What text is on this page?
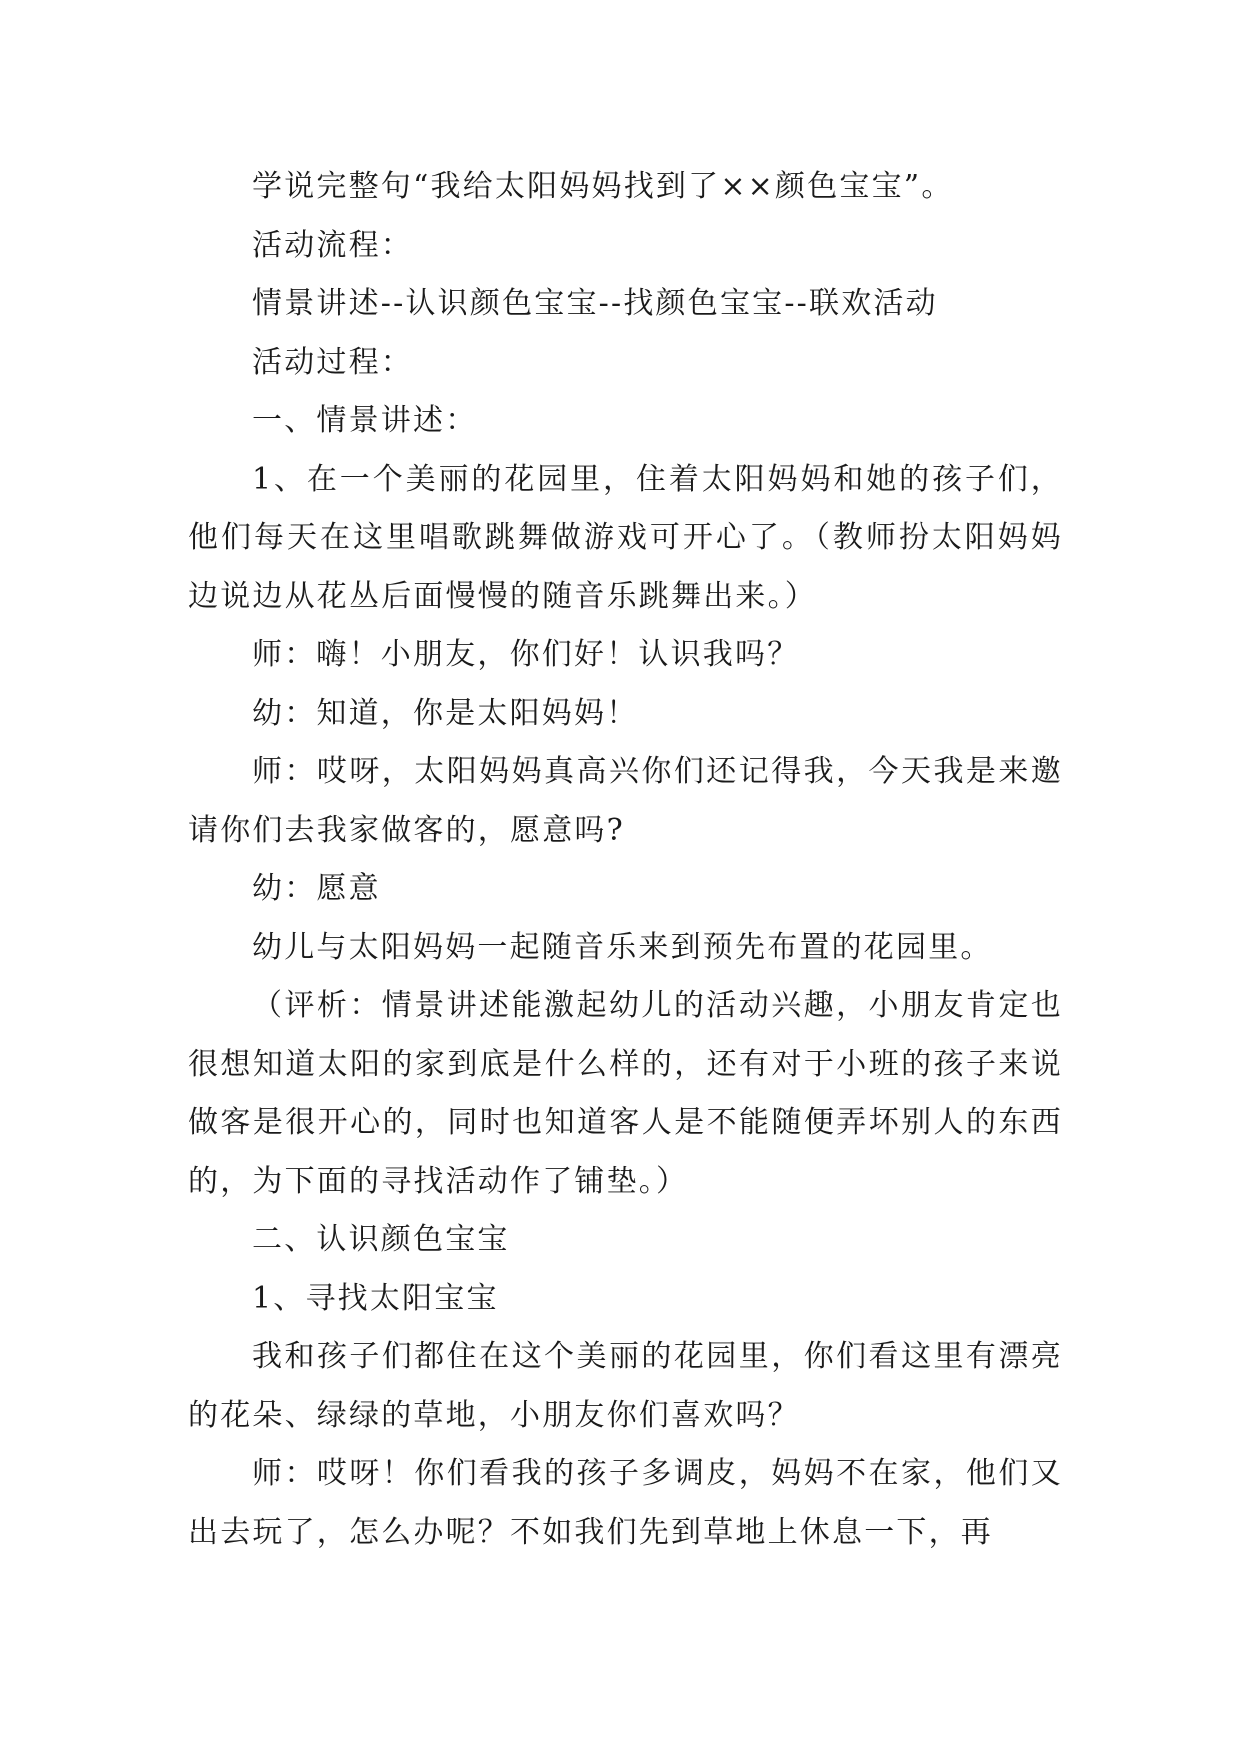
学说完整句“我给太阳妈妈找到了××颜色宝宝”。

活动流程：

情景讲述--认识颜色宝宝--找颜色宝宝--联欢活动

活动过程：

一、情景讲述：

1、在一个美丽的花园里，住着太阳妈妈和她的孩子们，他们每天在这里唱歌跳舞做游戏可开心了。（教师扮太阳妈妈边说边从花丛后面慢慢的随音乐跳舞出来。）

师：嗨！小朋友，你们好！认识我吗？

幼：知道，你是太阳妈妈！

师：哎呀，太阳妈妈真高兴你们还记得我，今天我是来邀请你们去我家做客的，愿意吗?

幼：愿意

幼儿与太阳妈妈一起随音乐来到预先布置的花园里。

（评析：情景讲述能激起幼儿的活动兴趣，小朋友肯定也很想知道太阳的家到底是什么样的，还有对于小班的孩子来说做客是很开心的，同时也知道客人是不能随便弄坏别人的东西的，为下面的寻找活动作了铺垫。）

二、认识颜色宝宝

1、寻找太阳宝宝

我和孩子们都住在这个美丽的花园里，你们看这里有漂亮的花朵、绿绿的草地，小朋友你们喜欢吗？

师：哎呀！你们看我的孩子多调皮，妈妈不在家，他们又出去玩了，怎么办呢？不如我们先到草地上休息一下，再
